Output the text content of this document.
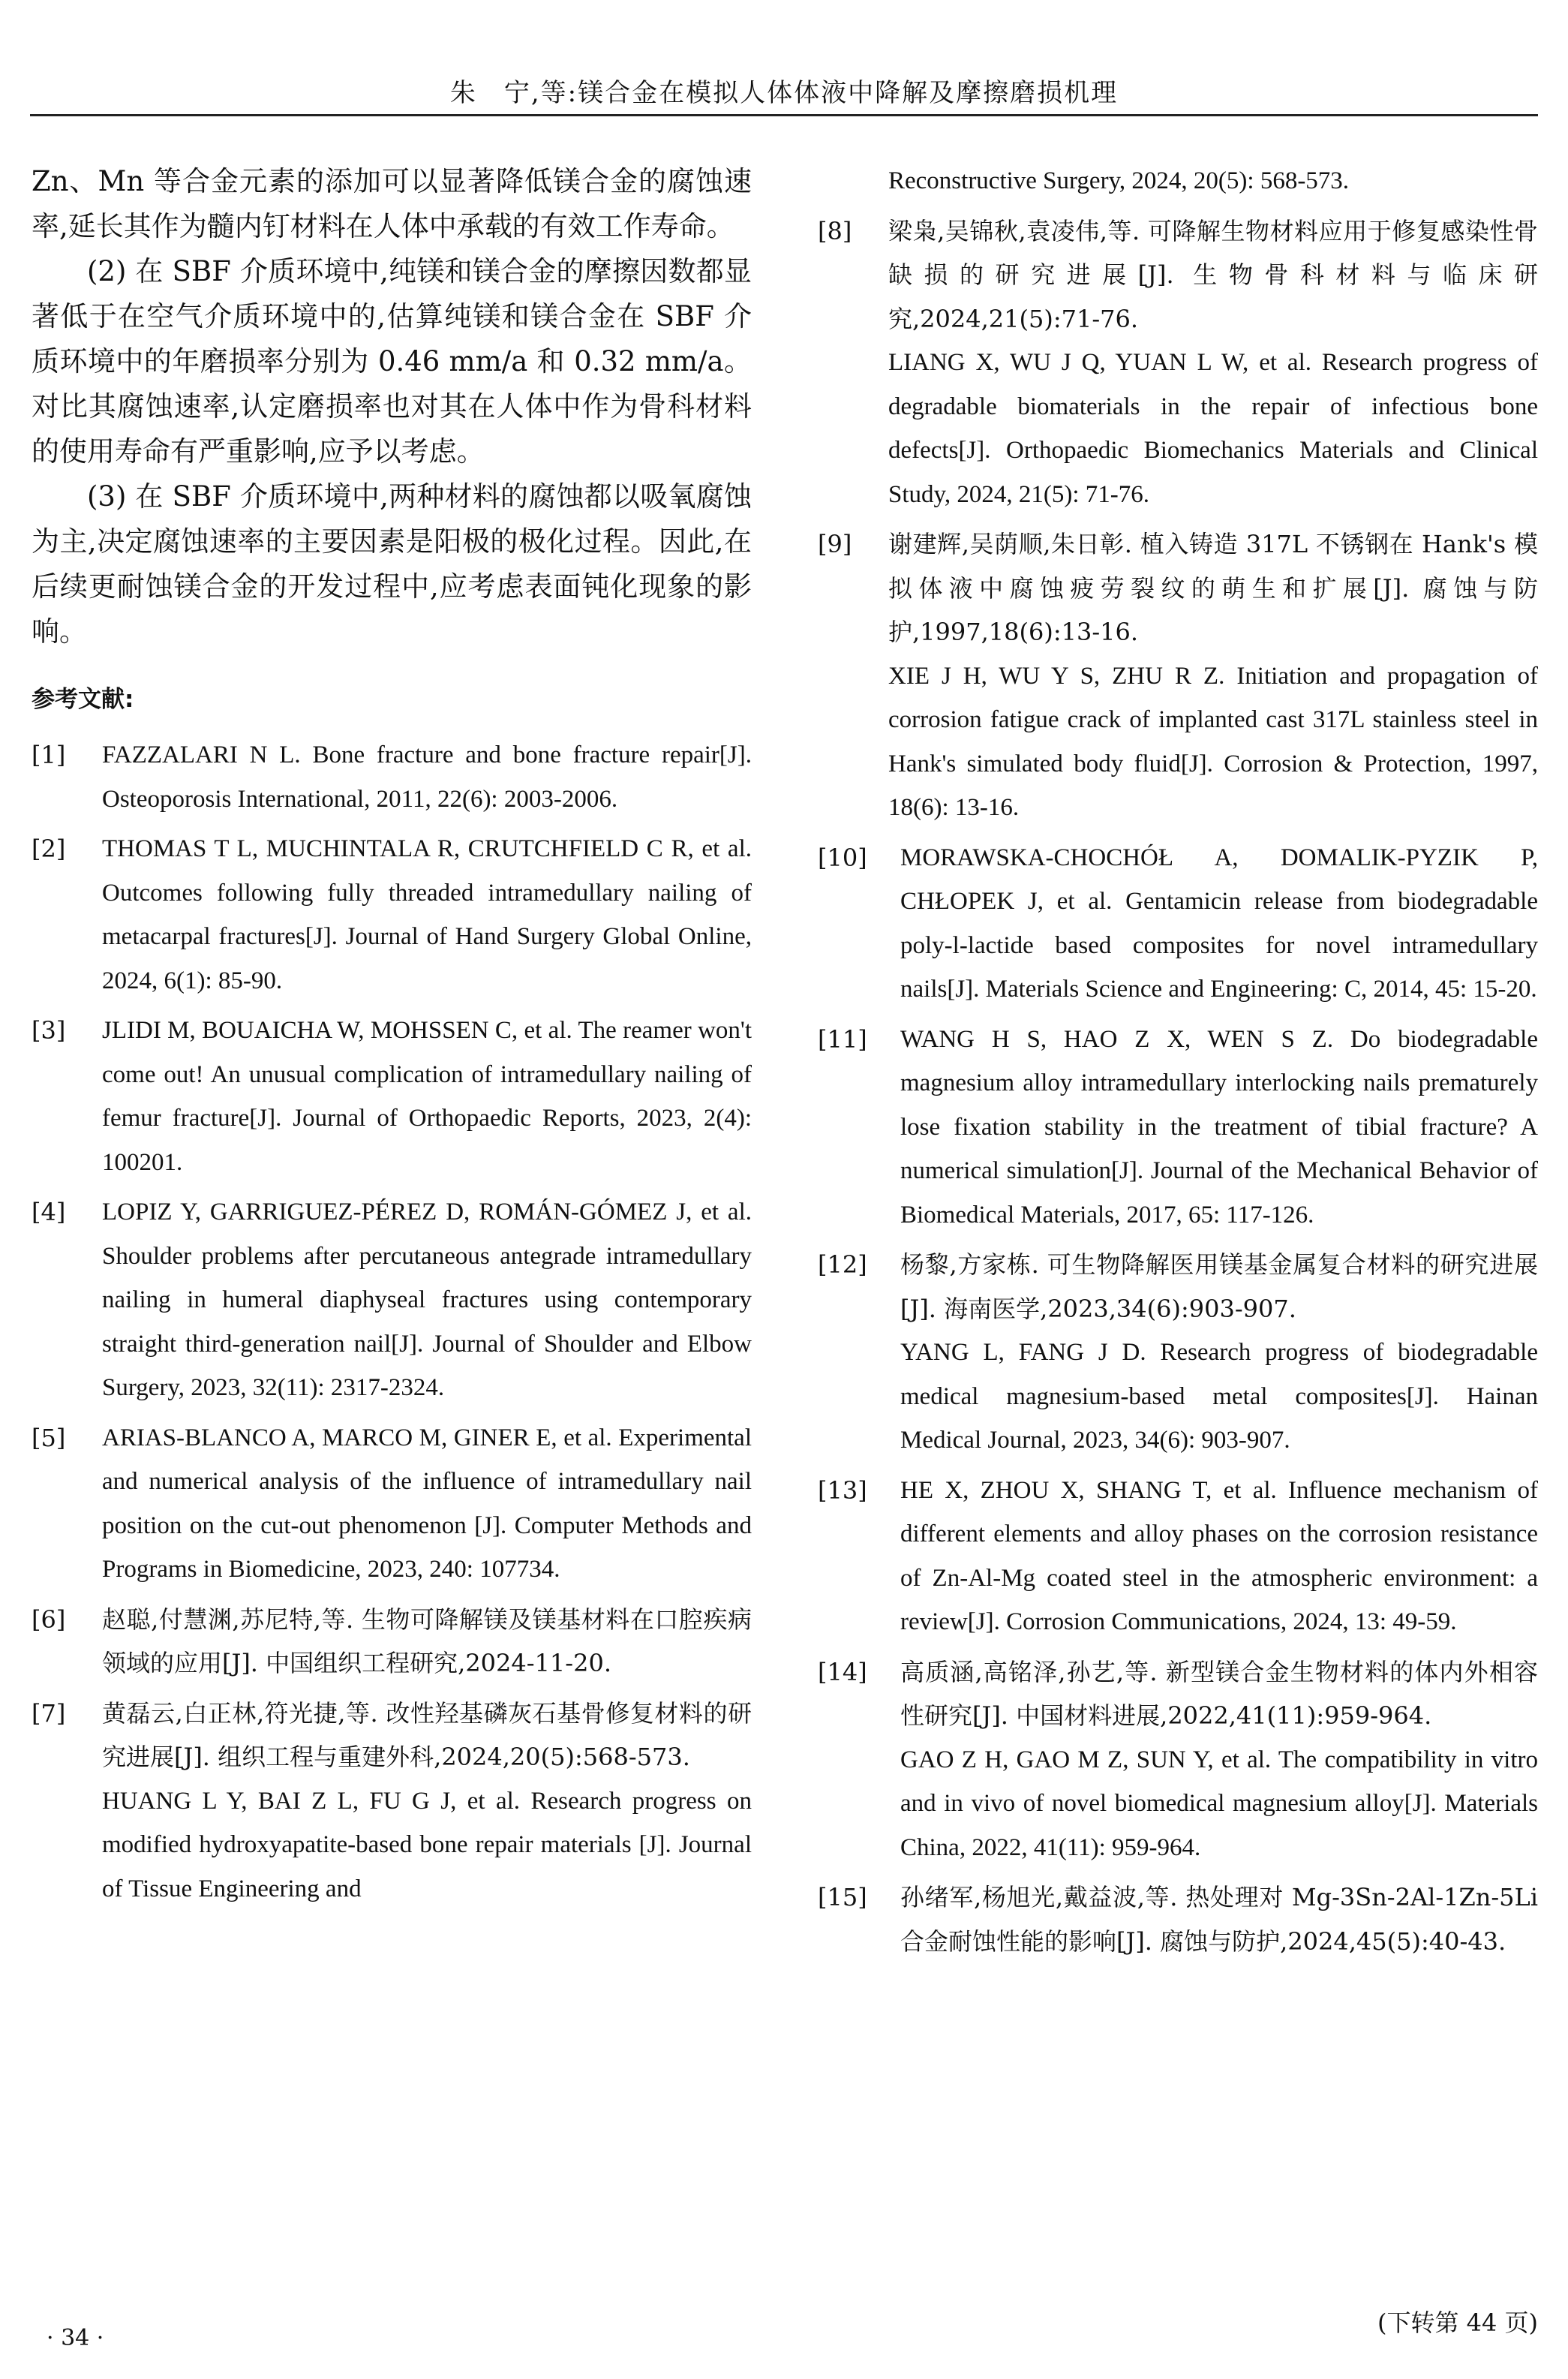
朱　宁,等:镁合金在模拟人体体液中降解及摩擦磨损机理

Zn、Mn 等合金元素的添加可以显著降低镁合金的腐蚀速率,延长其作为髓内钉材料在人体中承载的有效工作寿命。

(2) 在 SBF 介质环境中,纯镁和镁合金的摩擦因数都显著低于在空气介质环境中的,估算纯镁和镁合金在 SBF 介质环境中的年磨损率分别为 0.46 mm/a 和 0.32 mm/a。对比其腐蚀速率,认定磨损率也对其在人体中作为骨科材料的使用寿命有严重影响,应予以考虑。

(3) 在 SBF 介质环境中,两种材料的腐蚀都以吸氧腐蚀为主,决定腐蚀速率的主要因素是阳极的极化过程。因此,在后续更耐蚀镁合金的开发过程中,应考虑表面钝化现象的影响。

参考文献:
[1] FAZZALARI N L. Bone fracture and bone fracture repair[J]. Osteoporosis International, 2011, 22(6): 2003-2006.

[2] THOMAS T L, MUCHINTALA R, CRUTCHFIELD C R, et al. Outcomes following fully threaded intramedullary nailing of metacarpal fractures[J]. Journal of Hand Surgery Global Online, 2024, 6(1): 85-90.

[3] JLIDI M, BOUAICHA W, MOHSSEN C, et al. The reamer won't come out! An unusual complication of intramedullary nailing of femur fracture[J]. Journal of Orthopaedic Reports, 2023, 2(4): 100201.

[4] LOPIZ Y, GARRIGUEZ-PÉREZ D, ROMÁN-GÓMEZ J, et al. Shoulder problems after percutaneous antegrade intramedullary nailing in humeral diaphyseal fractures using contemporary straight third-generation nail[J]. Journal of Shoulder and Elbow Surgery, 2023, 32(11): 2317-2324.

[5] ARIAS-BLANCO A, MARCO M, GINER E, et al. Experimental and numerical analysis of the influence of intramedullary nail position on the cut-out phenomenon [J]. Computer Methods and Programs in Biomedicine, 2023, 240: 107734.

[6] 赵聪,付慧渊,苏尼特,等. 生物可降解镁及镁基材料在口腔疾病领域的应用[J]. 中国组织工程研究,2024-11-20.

[7] 黄磊云,白正林,符光捷,等. 改性羟基磷灰石基骨修复材料的研究进展[J]. 组织工程与重建外科,2024,20(5):568-573.

HUANG L Y, BAI Z L, FU G J, et al. Research progress on modified hydroxyapatite-based bone repair materials [J]. Journal of Tissue Engineering and

Reconstructive Surgery, 2024, 20(5): 568-573.

[8] 梁枭,吴锦秋,袁凌伟,等. 可降解生物材料应用于修复感染性骨缺损的研究进展[J]. 生物骨科材料与临床研究,2024,21(5):71-76.

LIANG X, WU J Q, YUAN L W, et al. Research progress of degradable biomaterials in the repair of infectious bone defects[J]. Orthopaedic Biomechanics Materials and Clinical Study, 2024, 21(5): 71-76.

[9] 谢建辉,吴荫顺,朱日彰. 植入铸造 317L 不锈钢在 Hank's 模拟体液中腐蚀疲劳裂纹的萌生和扩展[J]. 腐蚀与防护,1997,18(6):13-16.

XIE J H, WU Y S, ZHU R Z. Initiation and propagation of corrosion fatigue crack of implanted cast 317L stainless steel in Hank's simulated body fluid[J]. Corrosion & Protection, 1997, 18(6): 13-16.

[10] MORAWSKA-CHOCHÓŁ A, DOMALIK-PYZIK P, CHŁOPEK J, et al. Gentamicin release from biodegradable poly-l-lactide based composites for novel intramedullary nails[J]. Materials Science and Engineering: C, 2014, 45: 15-20.

[11] WANG H S, HAO Z X, WEN S Z. Do biodegradable magnesium alloy intramedullary interlocking nails prematurely lose fixation stability in the treatment of tibial fracture? A numerical simulation[J]. Journal of the Mechanical Behavior of Biomedical Materials, 2017, 65: 117-126.

[12] 杨黎,方家栋. 可生物降解医用镁基金属复合材料的研究进展[J]. 海南医学,2023,34(6):903-907.

YANG L, FANG J D. Research progress of biodegradable medical magnesium-based metal composites[J]. Hainan Medical Journal, 2023, 34(6): 903-907.

[13] HE X, ZHOU X, SHANG T, et al. Influence mechanism of different elements and alloy phases on the corrosion resistance of Zn-Al-Mg coated steel in the atmospheric environment: a review[J]. Corrosion Communications, 2024, 13: 49-59.

[14] 高质涵,高铭泽,孙艺,等. 新型镁合金生物材料的体内外相容性研究[J]. 中国材料进展,2022,41(11):959-964.

GAO Z H, GAO M Z, SUN Y, et al. The compatibility in vitro and in vivo of novel biomedical magnesium alloy[J]. Materials China, 2022, 41(11): 959-964.

[15] 孙绪军,杨旭光,戴益波,等. 热处理对 Mg-3Sn-2Al-1Zn-5Li 合金耐蚀性能的影响[J]. 腐蚀与防护,2024,45(5):40-43.

(下转第 44 页)
· 34 ·
